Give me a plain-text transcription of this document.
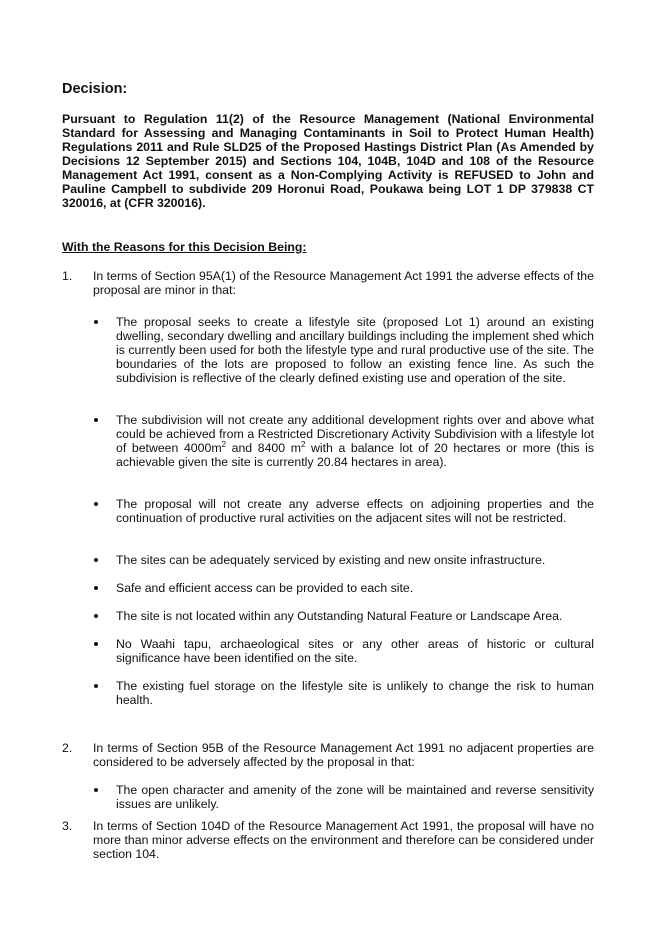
Decision:
Pursuant to Regulation 11(2) of the Resource Management (National Environmental Standard for Assessing and Managing Contaminants in Soil to Protect Human Health) Regulations 2011 and Rule SLD25 of the Proposed Hastings District Plan (As Amended by Decisions 12 September 2015) and Sections 104, 104B, 104D and 108 of the Resource Management Act 1991, consent as a Non-Complying Activity is REFUSED to John and Pauline Campbell to subdivide 209 Horonui Road, Poukawa being LOT 1 DP 379838 CT 320016, at (CFR 320016).
With the Reasons for this Decision Being:
1.	In terms of Section 95A(1) of the Resource Management Act 1991 the adverse effects of the proposal are minor in that:
The proposal seeks to create a lifestyle site (proposed Lot 1) around an existing dwelling, secondary dwelling and ancillary buildings including the implement shed which is currently been used for both the lifestyle type and rural productive use of the site. The boundaries of the lots are proposed to follow an existing fence line. As such the subdivision is reflective of the clearly defined existing use and operation of the site.
The subdivision will not create any additional development rights over and above what could be achieved from a Restricted Discretionary Activity Subdivision with a lifestyle lot of between $4000m^2$ and 8400 $m^2$ with a balance lot of 20 hectares or more (this is achievable given the site is currently 20.84 hectares in area).
The proposal will not create any adverse effects on adjoining properties and the continuation of productive rural activities on the adjacent sites will not be restricted.
The sites can be adequately serviced by existing and new onsite infrastructure.
Safe and efficient access can be provided to each site.
The site is not located within any Outstanding Natural Feature or Landscape Area.
No Waahi tapu, archaeological sites or any other areas of historic or cultural significance have been identified on the site.
The existing fuel storage on the lifestyle site is unlikely to change the risk to human health.
2.	In terms of Section 95B of the Resource Management Act 1991 no adjacent properties are considered to be adversely affected by the proposal in that:
The open character and amenity of the zone will be maintained and reverse sensitivity issues are unlikely.
3.	In terms of Section 104D of the Resource Management Act 1991, the proposal will have no more than minor adverse effects on the environment and therefore can be considered under section 104.
